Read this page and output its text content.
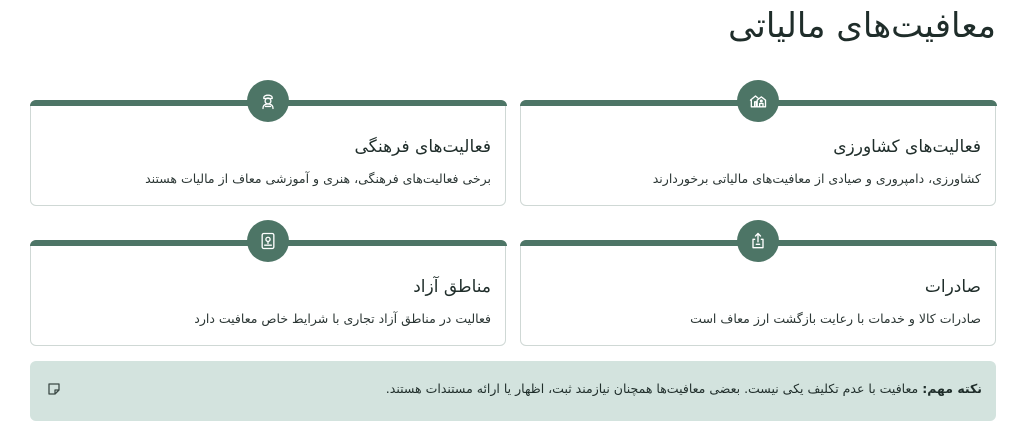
معافیت‌های مالیاتی
فعالیت‌های کشاورزی
کشاورزی، دامپروری و صیادی از معافیت‌های مالیاتی برخوردارند
فعالیت‌های فرهنگی
برخی فعالیت‌های فرهنگی، هنری و آموزشی معاف از مالیات هستند
صادرات
صادرات کالا و خدمات با رعایت بازگشت ارز معاف است
مناطق آزاد
فعالیت در مناطق آزاد تجاری با شرایط خاص معافیت دارد
نکته مهم: معافیت با عدم تکلیف یکی نیست. بعضی معافیت‌ها همچنان نیازمند ثبت، اظهار یا ارائه مستندات هستند.
